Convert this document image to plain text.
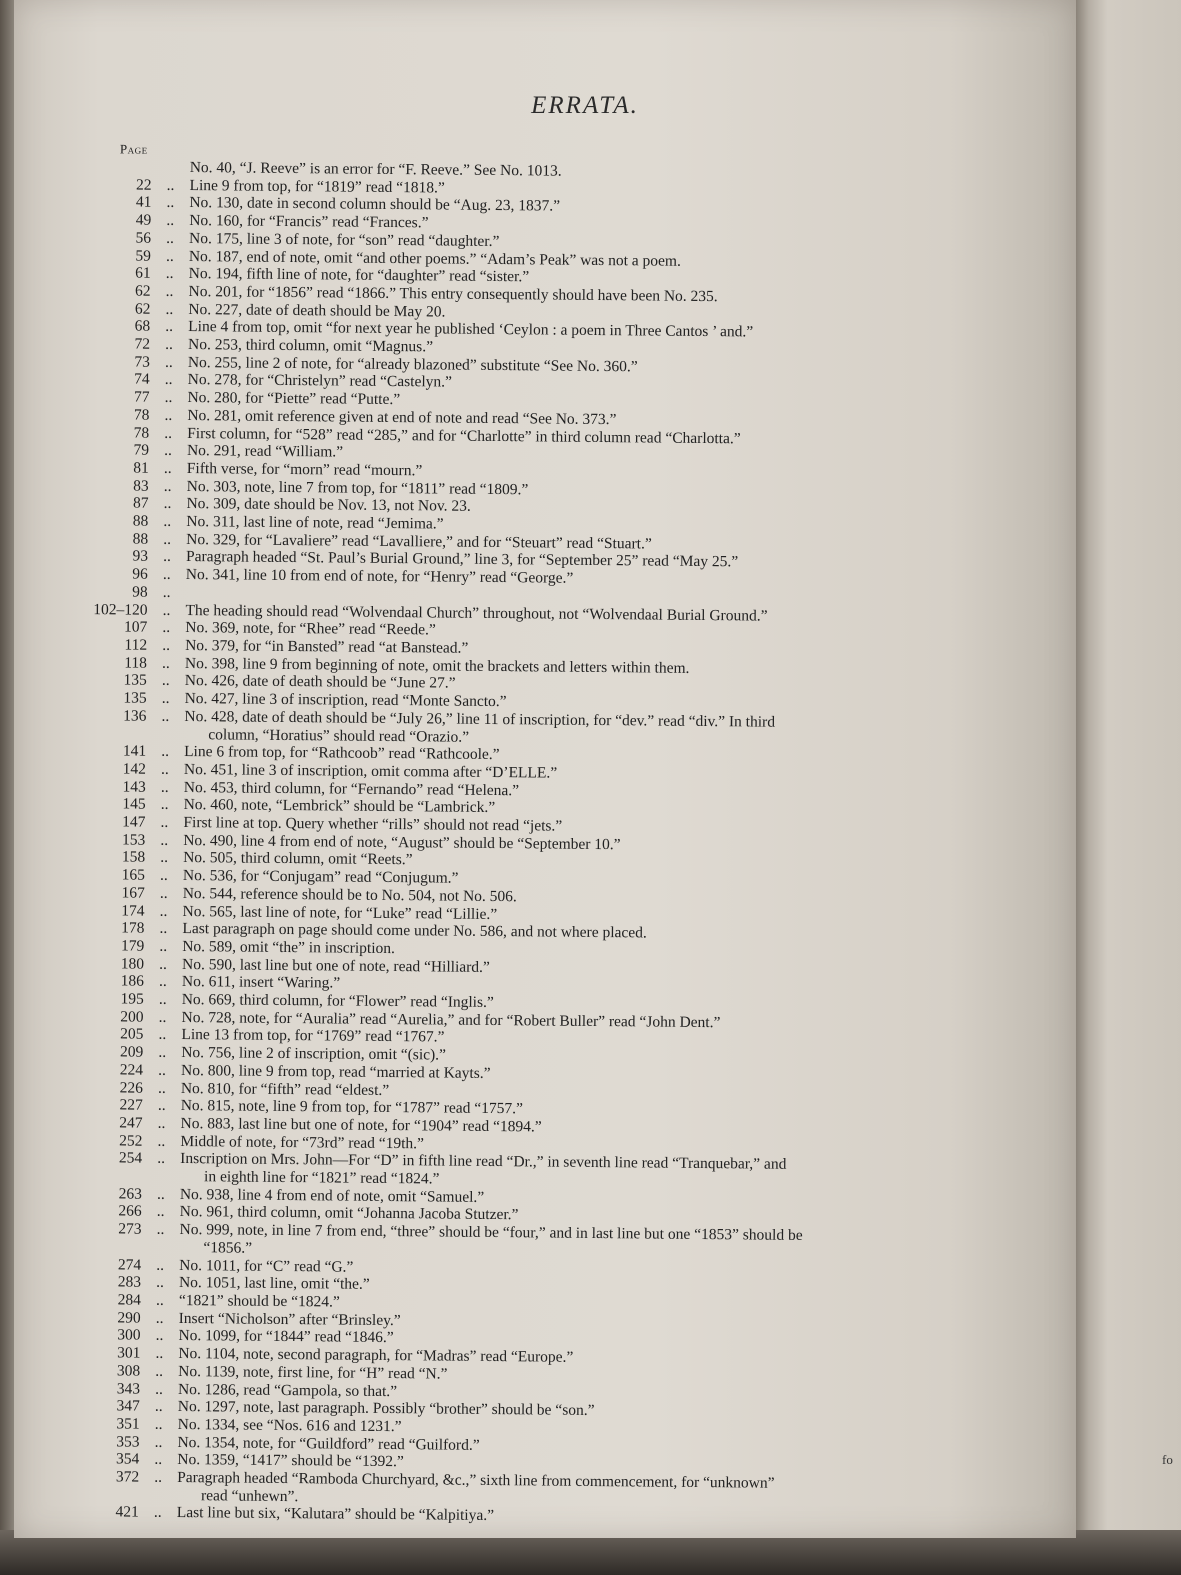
fo
ERRATA.
Page
No. 40, “J. Reeve” is an error for “F. Reeve.” See No. 1013.
22 .. Line 9 from top, for “1819” read “1818.”
41 .. No. 130, date in second column should be “Aug. 23, 1837.”
49 .. No. 160, for “Francis” read “Frances.”
56 .. No. 175, line 3 of note, for “son” read “daughter.”
59 .. No. 187, end of note, omit “and other poems.” “Adam’s Peak” was not a poem.
61 .. No. 194, fifth line of note, for “daughter” read “sister.”
62 .. No. 201, for “1856” read “1866.” This entry consequently should have been No. 235.
62 .. No. 227, date of death should be May 20.
68 .. Line 4 from top, omit “for next year he published ‘Ceylon : a poem in Three Cantos ’ and.”
72 .. No. 253, third column, omit “Magnus.”
73 .. No. 255, line 2 of note, for “already blazoned” substitute “See No. 360.”
74 .. No. 278, for “Christelyn” read “Castelyn.”
77 .. No. 280, for “Piette” read “Putte.”
78 .. No. 281, omit reference given at end of note and read “See No. 373.”
78 .. First column, for “528” read “285,” and for “Charlotte” in third column read “Charlotta.”
79 .. No. 291, read “William.”
81 .. Fifth verse, for “morn” read “mourn.”
83 .. No. 303, note, line 7 from top, for “1811” read “1809.”
87 .. No. 309, date should be Nov. 13, not Nov. 23.
88 .. No. 311, last line of note, read “Jemima.”
88 .. No. 329, for “Lavaliere” read “Lavalliere,” and for “Steuart” read “Stuart.”
93 .. Paragraph headed “St. Paul’s Burial Ground,” line 3, for “September 25” read “May 25.”
96 .. No. 341, line 10 from end of note, for “Henry” read “George.”
98 ..
102–120 .. The heading should read “Wolvendaal Church” throughout, not “Wolvendaal Burial Ground.”
107 .. No. 369, note, for “Rhee” read “Reede.”
112 .. No. 379, for “in Bansted” read “at Banstead.”
118 .. No. 398, line 9 from beginning of note, omit the brackets and letters within them.
135 .. No. 426, date of death should be “June 27.”
135 .. No. 427, line 3 of inscription, read “Monte Sancto.”
136 .. No. 428, date of death should be “July 26,” line 11 of inscription, for “dev.” read “div.” In third
column, “Horatius” should read “Orazio.”
141 .. Line 6 from top, for “Rathcoob” read “Rathcoole.”
142 .. No. 451, line 3 of inscription, omit comma after “D’ELLE.”
143 .. No. 453, third column, for “Fernando” read “Helena.”
145 .. No. 460, note, “Lembrick” should be “Lambrick.”
147 .. First line at top. Query whether “rills” should not read “jets.”
153 .. No. 490, line 4 from end of note, “August” should be “September 10.”
158 .. No. 505, third column, omit “Reets.”
165 .. No. 536, for “Conjugam” read “Conjugum.”
167 .. No. 544, reference should be to No. 504, not No. 506.
174 .. No. 565, last line of note, for “Luke” read “Lillie.”
178 .. Last paragraph on page should come under No. 586, and not where placed.
179 .. No. 589, omit “the” in inscription.
180 .. No. 590, last line but one of note, read “Hilliard.”
186 .. No. 611, insert “Waring.”
195 .. No. 669, third column, for “Flower” read “Inglis.”
200 .. No. 728, note, for “Auralia” read “Aurelia,” and for “Robert Buller” read “John Dent.”
205 .. Line 13 from top, for “1769” read “1767.”
209 .. No. 756, line 2 of inscription, omit “(sic).”
224 .. No. 800, line 9 from top, read “married at Kayts.”
226 .. No. 810, for “fifth” read “eldest.”
227 .. No. 815, note, line 9 from top, for “1787” read “1757.”
247 .. No. 883, last line but one of note, for “1904” read “1894.”
252 .. Middle of note, for “73rd” read “19th.”
254 .. Inscription on Mrs. John—For “D” in fifth line read “Dr.,” in seventh line read “Tranquebar,” and
in eighth line for “1821” read “1824.”
263 .. No. 938, line 4 from end of note, omit “Samuel.”
266 .. No. 961, third column, omit “Johanna Jacoba Stutzer.”
273 .. No. 999, note, in line 7 from end, “three” should be “four,” and in last line but one “1853” should be
“1856.”
274 .. No. 1011, for “C” read “G.”
283 .. No. 1051, last line, omit “the.”
284 .. “1821” should be “1824.”
290 .. Insert “Nicholson” after “Brinsley.”
300 .. No. 1099, for “1844” read “1846.”
301 .. No. 1104, note, second paragraph, for “Madras” read “Europe.”
308 .. No. 1139, note, first line, for “H” read “N.”
343 .. No. 1286, read “Gampola, so that.”
347 .. No. 1297, note, last paragraph. Possibly “brother” should be “son.”
351 .. No. 1334, see “Nos. 616 and 1231.”
353 .. No. 1354, note, for “Guildford” read “Guilford.”
354 .. No. 1359, “1417” should be “1392.”
372 .. Paragraph headed “Ramboda Churchyard, &c.,” sixth line from commencement, for “unknown”
read “unhewn”.
421 .. Last line but six, “Kalutara” should be “Kalpitiya.”
